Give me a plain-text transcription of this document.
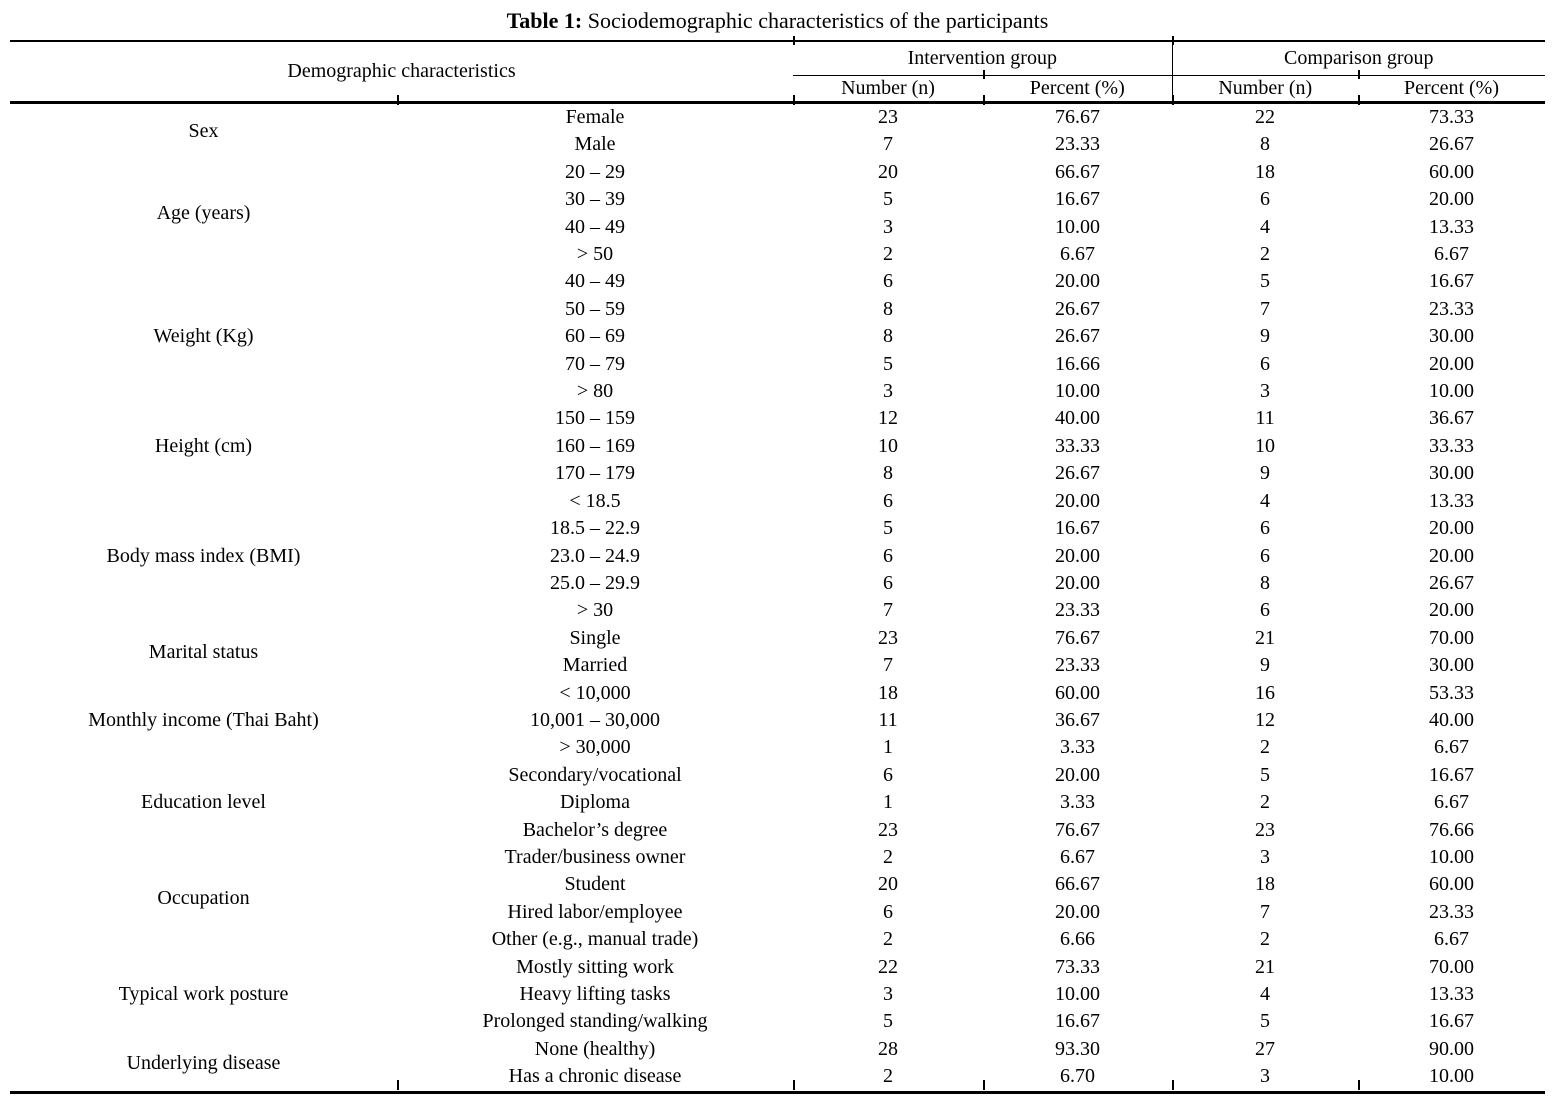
Table 1: Sociodemographic characteristics of the participants
Demographic characteristics		Intervention group		Comparison group	
		Number (n)	Percent (%)	Number (n)	Percent (%)
Sex	Female	23	76.67	22	73.33
	Male	7	23.33	8	26.67
Age (years)	20 – 29	20	66.67	18	60.00
	30 – 39	5	16.67	6	20.00
	40 – 49	3	10.00	4	13.33
	> 50	2	6.67	2	6.67
Weight (Kg)	40 – 49	6	20.00	5	16.67
	50 – 59	8	26.67	7	23.33
	60 – 69	8	26.67	9	30.00
	70 – 79	5	16.66	6	20.00
	> 80	3	10.00	3	10.00
Height (cm)	150 – 159	12	40.00	11	36.67
	160 – 169	10	33.33	10	33.33
	170 – 179	8	26.67	9	30.00
Body mass index (BMI)	< 18.5	6	20.00	4	13.33
	18.5 – 22.9	5	16.67	6	20.00
	23.0 – 24.9	6	20.00	6	20.00
	25.0 – 29.9	6	20.00	8	26.67
	> 30	7	23.33	6	20.00
Marital status	Single	23	76.67	21	70.00
	Married	7	23.33	9	30.00
Monthly income (Thai Baht)	< 10,000	18	60.00	16	53.33
	10,001 – 30,000	11	36.67	12	40.00
	> 30,000	1	3.33	2	6.67
Education level	Secondary/vocational	6	20.00	5	16.67
	Diploma	1	3.33	2	6.67
	Bachelor’s degree	23	76.67	23	76.66
Occupation	Trader/business owner	2	6.67	3	10.00
	Student	20	66.67	18	60.00
	Hired labor/employee	6	20.00	7	23.33
	Other (e.g., manual trade)	2	6.66	2	6.67
Typical work posture	Mostly sitting work	22	73.33	21	70.00
	Heavy lifting tasks	3	10.00	4	13.33
	Prolonged standing/walking	5	16.67	5	16.67
Underlying disease	None (healthy)	28	93.30	27	90.00
	Has a chronic disease	2	6.70	3	10.00
